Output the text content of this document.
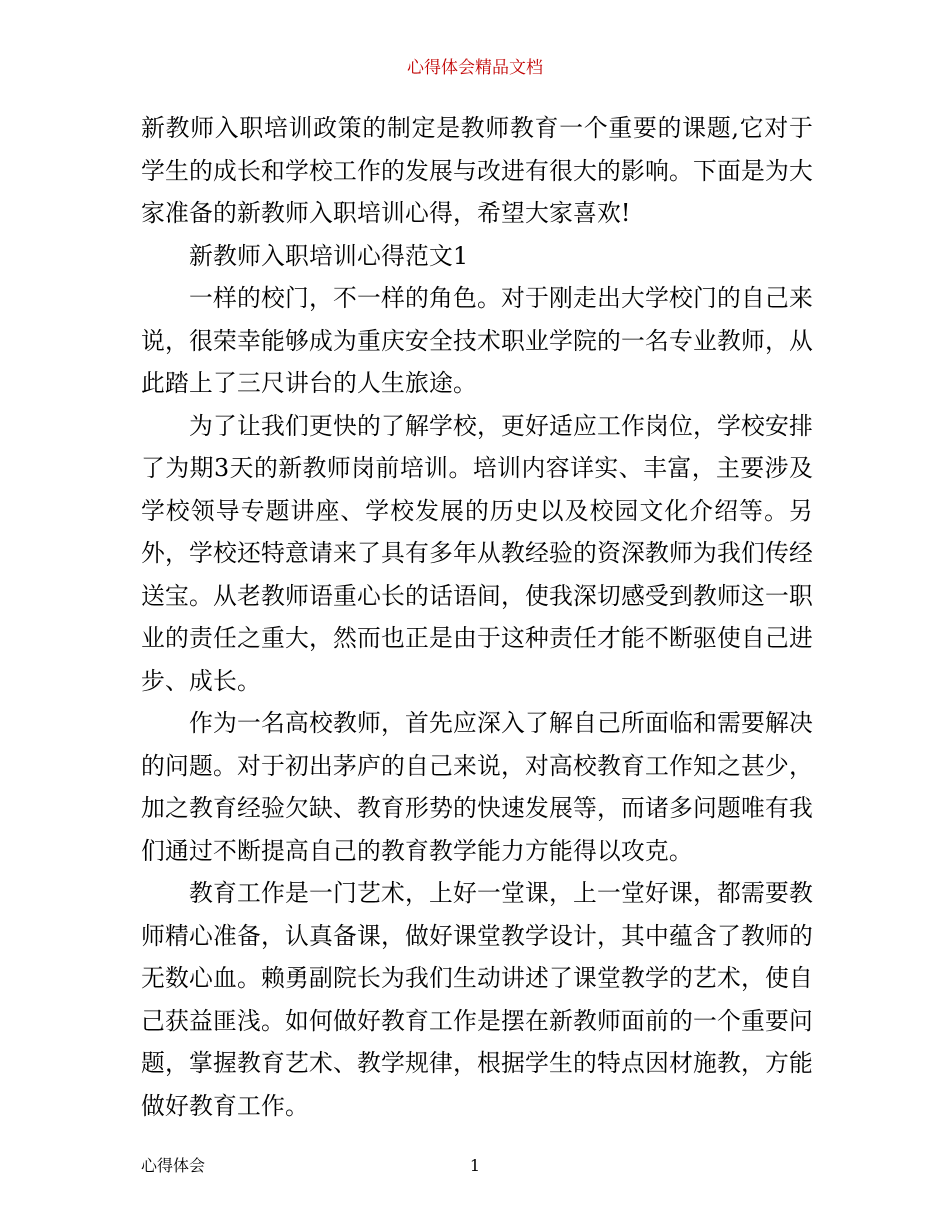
心得体会精品文档

新教师入职培训政策的制定是教师教育一个重要的课题,它对于学生的成长和学校工作的发展与改进有很大的影响。下面是为大家准备的新教师入职培训心得，希望大家喜欢!

新教师入职培训心得范文1

一样的校门，不一样的角色。对于刚走出大学校门的自己来说，很荣幸能够成为重庆安全技术职业学院的一名专业教师，从此踏上了三尺讲台的人生旅途。

为了让我们更快的了解学校，更好适应工作岗位，学校安排了为期3天的新教师岗前培训。培训内容详实、丰富，主要涉及学校领导专题讲座、学校发展的历史以及校园文化介绍等。另外，学校还特意请来了具有多年从教经验的资深教师为我们传经送宝。从老教师语重心长的话语间，使我深切感受到教师这一职业的责任之重大，然而也正是由于这种责任才能不断驱使自己进步、成长。

作为一名高校教师，首先应深入了解自己所面临和需要解决的问题。对于初出茅庐的自己来说，对高校教育工作知之甚少，加之教育经验欠缺、教育形势的快速发展等，而诸多问题唯有我们通过不断提高自己的教育教学能力方能得以攻克。

教育工作是一门艺术，上好一堂课，上一堂好课，都需要教师精心准备，认真备课，做好课堂教学设计，其中蕴含了教师的无数心血。赖勇副院长为我们生动讲述了课堂教学的艺术，使自己获益匪浅。如何做好教育工作是摆在新教师面前的一个重要问题，掌握教育艺术、教学规律，根据学生的特点因材施教，方能做好教育工作。

心得体会	1
